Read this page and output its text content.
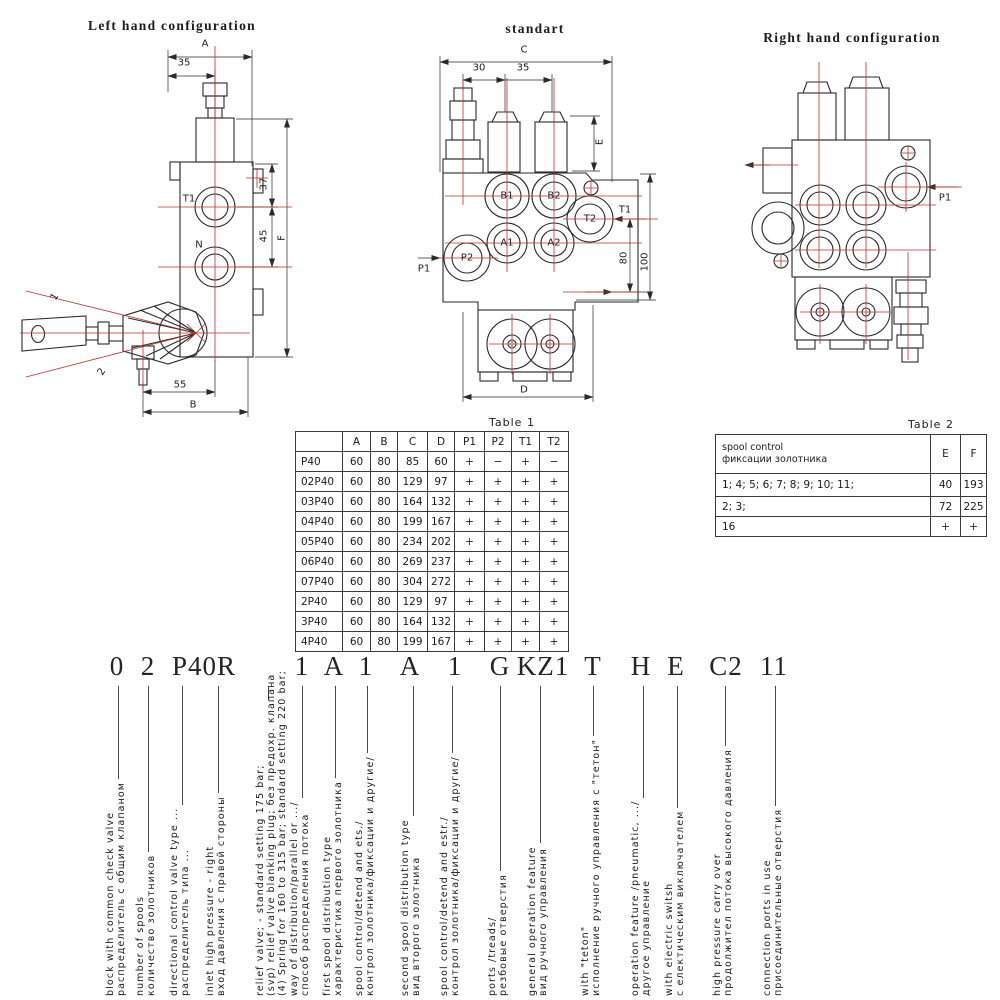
Left hand configuration	standart
Right hand configuration
Table 1
	A	B	C	D	P1	P2	T1	T2
P40	60	80	85	60	+	−	+	−
02P40	60	80	129	97	+	+	+	+
03P40	60	80	164	132	+	+	+	+
04P40	60	80	199	167	+	+	+	+
05P40	60	80	234	202	+	+	+	+
06P40	60	80	269	237	+	+	+	+
07P40	60	80	304	272	+	+	+	+
2P40	60	80	129	97	+	+	+	+
3P40	60	80	164	132	+	+	+	+
4P40	60	80	199	167	+	+	+	+
Table 2
spool control
фиксации золотника	E	F
1; 4; 5; 6; 7; 8; 9; 10; 11;	40	193
2; 3;	72	225
16	+	+
0 2 P40R 1 A 1 A 1 G KZ1 T H E C2 11
block with common check valve распределитель с общим клапаном number of spools количество золотников directional control valve type ... распределитель типа ... inlet high pressure - right вход давления с правой стороны	relief valve; - standard setting 175 bar; (svp) relief valve blanking plug; без предохр. клапана (4) Spring for 160 to 315 bar; standard setting 220 bar; way of distribution/parallel or .../ способ распределения потока first spool distribution type характеристика первого золотника spool control/detend and ets./ контрол золотника/фиксации и другие/	second spool distribution type вид второго золотника spool control/detend and estr./ контрол золотника/фиксации и другие/	ports /treads/ резбовые отверстия general operation feature вид ручного управления	with "teton" исполнение ручного управления с "тетон"	operation feature /pneumatic, .../ другое управление with electric switsh с електическим виключателем	high pressure carry over продолжител потока высокого давления	connection ports in use присоединительные отверстия
A
35
37
45 F
T1
N
1
2
55
B
C
30	35
E
B1	B2
T2
A1	A2
P2
P1
T1
80 100
D
P1
